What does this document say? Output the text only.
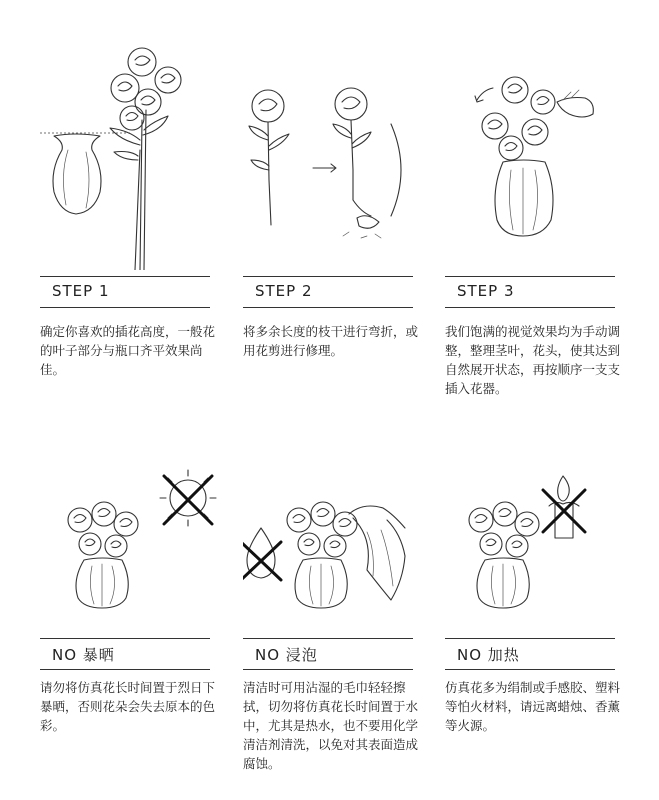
STEP 1
确定你喜欢的插花高度，一般花的叶子部分与瓶口齐平效果尚佳。
STEP 2
将多余长度的枝干进行弯折，或用花剪进行修理。
STEP 3
我们饱满的视觉效果均为手动调整，整理茎叶，花头，使其达到自然展开状态，再按顺序一支支插入花器。
NO 暴晒
请勿将仿真花长时间置于烈日下暴晒，否则花朵会失去原本的色彩。
NO 浸泡
清洁时可用沾湿的毛巾轻轻擦拭，切勿将仿真花长时间置于水中，尤其是热水，也不要用化学清洁剂清洗，以免对其表面造成腐蚀。
NO 加热
仿真花多为绢制或手感胶、塑料等怕火材料，请远离蜡烛、香薰等火源。
